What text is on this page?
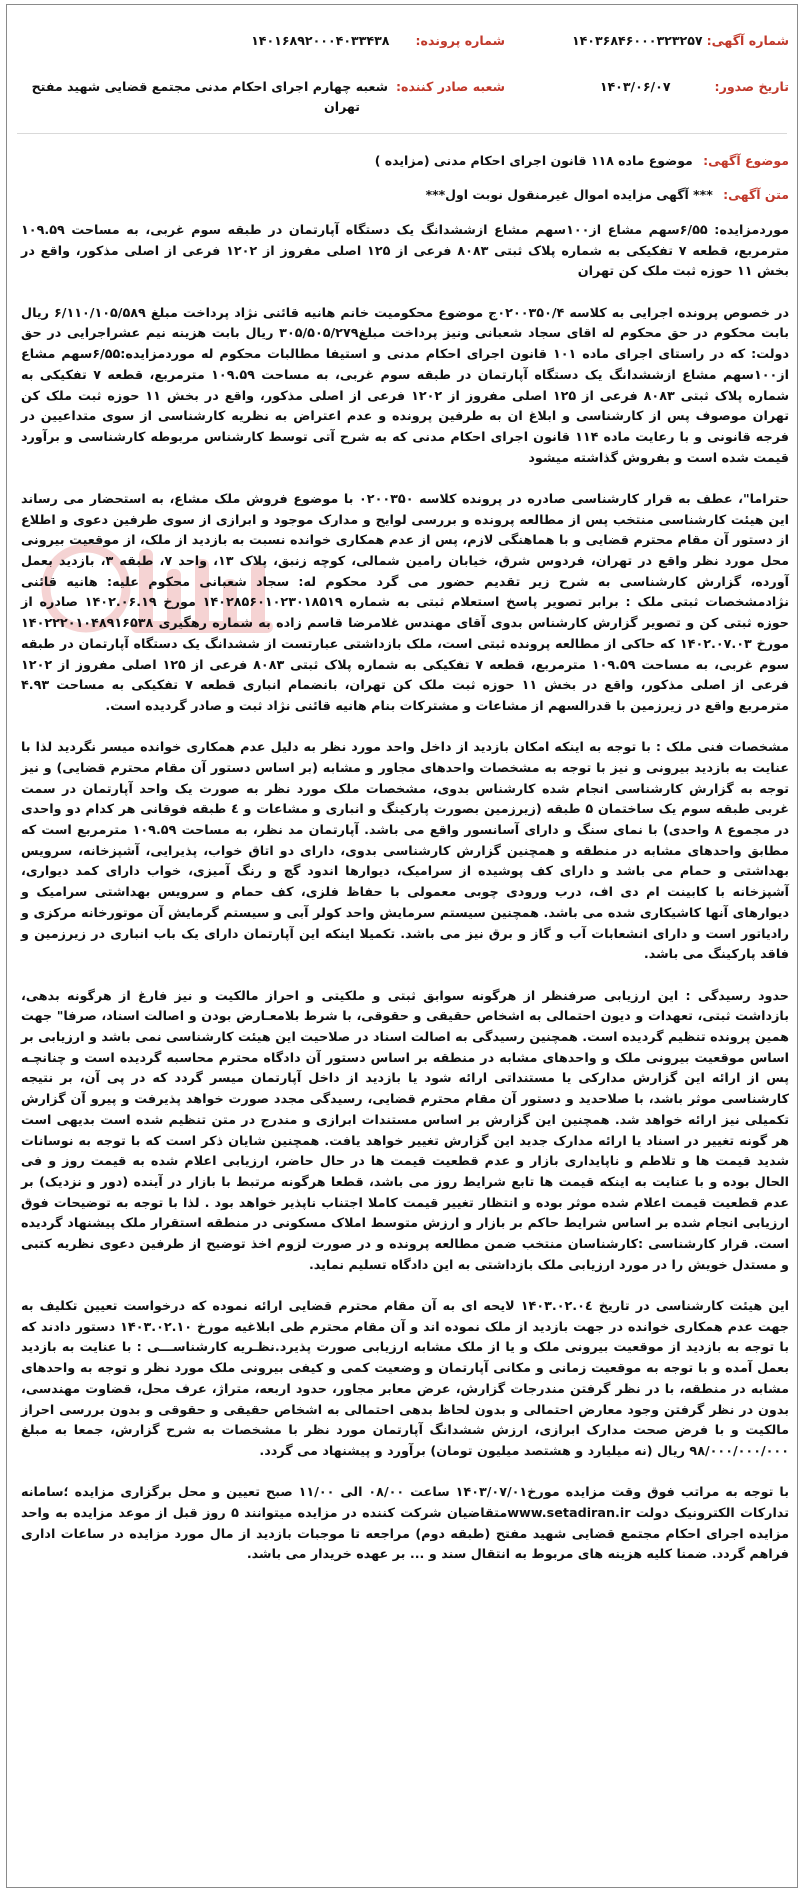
شماره آگهی: ۱۴۰۳۶۸۴۶۰۰۰۳۲۳۲۵۷
شماره پرونده: ۱۴۰۱۶۸۹۲۰۰۰۴۰۳۳۴۳۸
تاریخ صدور: ۱۴۰۳/۰۶/۰۷
شعبه صادر کننده: شعبه چهارم اجرای احکام مدنی مجتمع قضایی شهید مفتح
تهران
موضوع آگهی: موضوع ماده ۱۱۸ قانون اجرای احکام مدنی (مزایده )
متن آگهی: *** آگهی مزایده اموال غیرمنقول نوبت اول***

موردمزایده: ۶/۵۵سهم مشاع از۱۰۰سهم مشاع ازششدانگ یک دستگاه آپارتمان در طبقه سوم غربی، به مساحت ۱۰۹.۵۹ مترمربع، قطعه ۷ تفکیکی به شماره پلاک ثبتی ۸۰۸۳ فرعی از ۱۲۵ اصلی مفروز از ۱۲۰۲ فرعی از اصلی مذکور، واقع در بخش ۱۱ حوزه ثبت ملک کن تهران

در خصوص پرونده اجرایی به کلاسه ۰۲۰۰۳۵۰/۴ج موضوع محکومیت خانم هانیه قائنی نژاد پرداخت مبلغ ۶/۱۱۰/۱۰۵/۵۸۹ ریال بابت محکوم در حق محکوم له اقای سجاد شعبانی ونیز پرداخت مبلغ۳۰۵/۵۰۵/۲۷۹ ریال بابت هزینه نیم عشراجرایی در حق دولت: که در راستای اجرای ماده ۱۰۱ قانون اجرای احکام مدنی و استیفا مطالبات محکوم له موردمزایده:۶/۵۵سهم مشاع از۱۰۰سهم مشاع ازششدانگ یک دستگاه آپارتمان در طبقه سوم غربی، به مساحت ۱۰۹.۵۹ مترمربع، قطعه ۷ تفکیکی به شماره پلاک ثبتی ۸۰۸۳ فرعی از ۱۲۵ اصلی مفروز از ۱۲۰۲ فرعی از اصلی مذکور، واقع در بخش ۱۱ حوزه ثبت ملک کن تهران موصوف پس از کارشناسی و ابلاغ ان به طرفین پرونده و عدم اعتراض به نظریه کارشناسی از سوی متداعیین در فرجه قانونی و با رعایت ماده ۱۱۴ قانون اجرای احکام مدنی که به شرح آتی توسط کارشناس مربوطه کارشناسی و برآورد قیمت شده است و بفروش گذاشته میشود

حتراما"، عطف به قرار کارشناسی صادره در پرونده کلاسه ۰۲۰۰۳۵۰ با موضوع فروش ملک مشاع، به استحضار می رساند این هیئت کارشناسی منتخب پس از مطالعه پرونده و بررسی لوایح و مدارک موجود و ابرازی از سوی طرفین دعوی و اطلاع از دستور آن مقام محترم قضایی و با هماهنگی لازم، پس از عدم همکاری خوانده نسبت به بازدید از ملک، از موقعیت بیرونی محل مورد نظر واقع در تهران، فردوس شرق، خیابان رامین شمالی، کوچه زنبق، پلاک ۱۳، واحد ۷، طبقه ۳، بازدید بعمل آورده، گزارش کارشناسی به شرح زیر تقدیم حضور می گرد محکوم له: سجاد شعبانی محکوم علیه: هانیه قائنی نژادمشخصات ثبتی ملک : برابر تصویر پاسخ استعلام ثبتی به شماره ۱۴۰۲۸۵۶۰۱۰۲۳۰۱۸۵۱۹ مورخ ۱۴۰۲.۰۶.۱۹ صادره از حوزه ثبتی کن و تصویر گزارش کارشناس بدوی آقای مهندس غلامرضا قاسم زاده به شماره رهگیری ۱۴۰۲۲۲۰۱۰۴۸۹۱۶۵۳۸ مورخ ۱۴۰۲.۰۷.۰۳ که حاکی از مطالعه پرونده ثبتی است، ملک بازداشتی عبارتست از ششدانگ یک دستگاه آپارتمان در طبقه سوم غربی، به مساحت ۱۰۹.۵۹ مترمربع، قطعه ۷ تفکیکی به شماره پلاک ثبتی ۸۰۸۳ فرعی از ۱۲۵ اصلی مفروز از ۱۲۰۲ فرعی از اصلی مذکور، واقع در بخش ۱۱ حوزه ثبت ملک کن تهران، بانضمام انباری قطعه ۷ تفکیکی به مساحت ۴.۹۳ مترمربع واقع در زیرزمین با قدرالسهم از مشاعات و مشترکات بنام هانیه قائنی نژاد ثبت و صادر گردیده است.

مشخصات فنی ملک : با توجه به اینکه امکان بازدید از داخل واحد مورد نظر به دلیل عدم همکاری خوانده میسر نگردید لذا با عنایت به بازدید بیرونی و نیز با توجه به مشخصات واحدهای مجاور و مشابه (بر اساس دستور آن مقام محترم قضایی) و نیز توجه به گزارش کارشناسی انجام شده کارشناس بدوی، مشخصات ملک مورد نظر به صورت یک واحد آپارتمان در سمت غربی طبقه سوم یک ساختمان ۵ طبقه (زیرزمین بصورت پارکینگ و انباری و مشاعات و ٤ طبقه فوقانی هر کدام دو واحدی در مجموع ۸ واحدی) با نمای سنگ و دارای آسانسور واقع می باشد. آپارتمان مد نظر، به مساحت ۱۰۹.۵۹ مترمربع است که مطابق واحدهای مشابه در منطقه و همچنین گزارش کارشناسی بدوی، دارای دو اتاق خواب، پذیرایی، آشپزخانه، سرویس بهداشتی و حمام می باشد و دارای کف پوشیده از سرامیک، دیوارها اندود گچ و رنگ آمیزی، خواب دارای کمد دیواری، آشپزخانه با کابینت ام دی اف، درب ورودی چوبی معمولی با حفاظ فلزی، کف حمام و سرویس بهداشتی سرامیک و دیوارهای آنها کاشیکاری شده می باشد. همچنین سیستم سرمایش واحد کولر آبی و سیستم گرمایش آن موتورخانه مرکزی و رادیاتور است و دارای انشعابات آب و گاز و برق نیز می باشد. تکمیلا اینکه این آپارتمان دارای یک باب انباری در زیرزمین و فاقد پارکینگ می باشد.

حدود رسیدگی : این ارزیابی صرفنظر از هرگونه سوابق ثبتی و ملکیتی و احراز مالکیت و نیز فارغ از هرگونه بدهی، بازداشت ثبتی، تعهدات و دیون احتمالی به اشخاص حقیقی و حقوقی، با شرط بلامعـارض بودن و اصالت اسناد، صرفا" جهت همین پرونده تنظیم گردیده است. همچنین رسیدگی به اصالت اسناد در صلاحیت این هیئت کارشناسی نمی باشد و ارزیابی بر اساس موقعیت بیرونی ملک و واحدهای مشابه در منطقه بر اساس دستور آن دادگاه محترم محاسبه گردیده است و چنانچـه پس از ارائه این گزارش مدارکی یا مستنداتی ارائه شود یا بازدید از داخل آپارتمان میسر گردد که در پی آن، بر نتیجه کارشناسی موثر باشد، با صلاحدید و دستور آن مقام محترم قضایی، رسیدگی مجدد صورت خواهد پذیرفت و پیرو آن گزارش تکمیلی نیز ارائه خواهد شد. همچنین این گزارش بر اساس مستندات ابرازی و مندرج در متن تنظیم شده است بدیهی است هر گونه تغییر در اسناد یا ارائه مدارک جدید این گزارش تغییر خواهد یافت. همچنین شایان ذکر است که با توجه به نوسانات شدید قیمت ها و تلاطم و ناپایداری بازار و عدم قطعیت قیمت ها در حال حاضر، ارزیابی اعلام شده به قیمت روز و فی الحال بوده و با عنایت به اینکه قیمت ها تابع شرایط روز می باشد، قطعا هرگونه مرتبط با بازار در آینده (دور و نزدیک) بر عدم قطعیت قیمت اعلام شده موثر بوده و انتظار تغییر قیمت کاملا اجتناب ناپذیر خواهد بود . لذا با توجه به توضیحات فوق ارزیابی انجام شده بر اساس شرایط حاکم بر بازار و ارزش متوسط املاک مسکونی در منطقه استقرار ملک پیشنهاد گردیده است. قرار کارشناسی :کارشناسان منتخب ضمن مطالعه پرونده و در صورت لزوم اخذ توضیح از طرفین دعوی نظریه کتبی و مستدل خویش را در مورد ارزیابی ملک بازداشتی به این دادگاه تسلیم نماید.

این هیئت کارشناسی در تاریخ ۱۴۰۳.۰۲.۰٤ لایحه ای به آن مقام محترم قضایی ارائه نموده که درخواست تعیین تکلیف به جهت عدم همکاری خوانده در جهت بازدید از ملک نموده اند و آن مقام محترم طی ابلاغیه مورخ ۱۴۰۳.۰۲.۱۰ دستور دادند که با توجه به بازدید از موقعیت بیرونی ملک و یا از ملک مشابه ارزیابی صورت پذیرد.نظـریه کارشناســـی : با عنایت به بازدید بعمل آمده و با توجه به موقعیت زمانی و مکانی آپارتمان و وضعیت کمی و کیفی بیرونی ملک مورد نظر و توجه به واحدهای مشابه در منطقه، با در نظر گرفتن مندرجات گزارش، عرض معابر مجاور، حدود اربعه، متراژ، عرف محل، قضاوت مهندسی، بدون در نظر گرفتن وجود معارض احتمالی و بدون لحاظ بدهی احتمالی به اشخاص حقیقی و حقوقی و بدون بررسی احراز مالکیت و با فرض صحت مدارک ابرازی، ارزش ششدانگ آپارتمان مورد نظر با مشخصات به شرح گزارش، جمعا به مبلغ ۹۸/۰۰۰/۰۰۰/۰۰۰ ریال (نه میلیارد و هشتصد میلیون تومان) برآورد و پیشنهاد می گردد.

با توجه به مراتب فوق وقت مزایده مورخ۱۴۰۳/۰۷/۰۱ ساعت ۰۸/۰۰ الی ۱۱/۰۰ صبح تعیین و محل برگزاری مزایده ؛سامانه تدارکات الکترونیک دولت www.setadiran.irمتقاضیان شرکت کننده در مزایده میتوانند ۵ روز قبل از موعد مزایده به واحد مزایده اجرای احکام مجتمع قضایی شهید مفتح (طبقه دوم) مراجعه تا موجبات بازدید از مال مورد مزایده در ساعات اداری فراهم گردد. ضمنا کلیه هزینه های مربوط به انتقال سند و ... بر عهده خریدار می باشد.
